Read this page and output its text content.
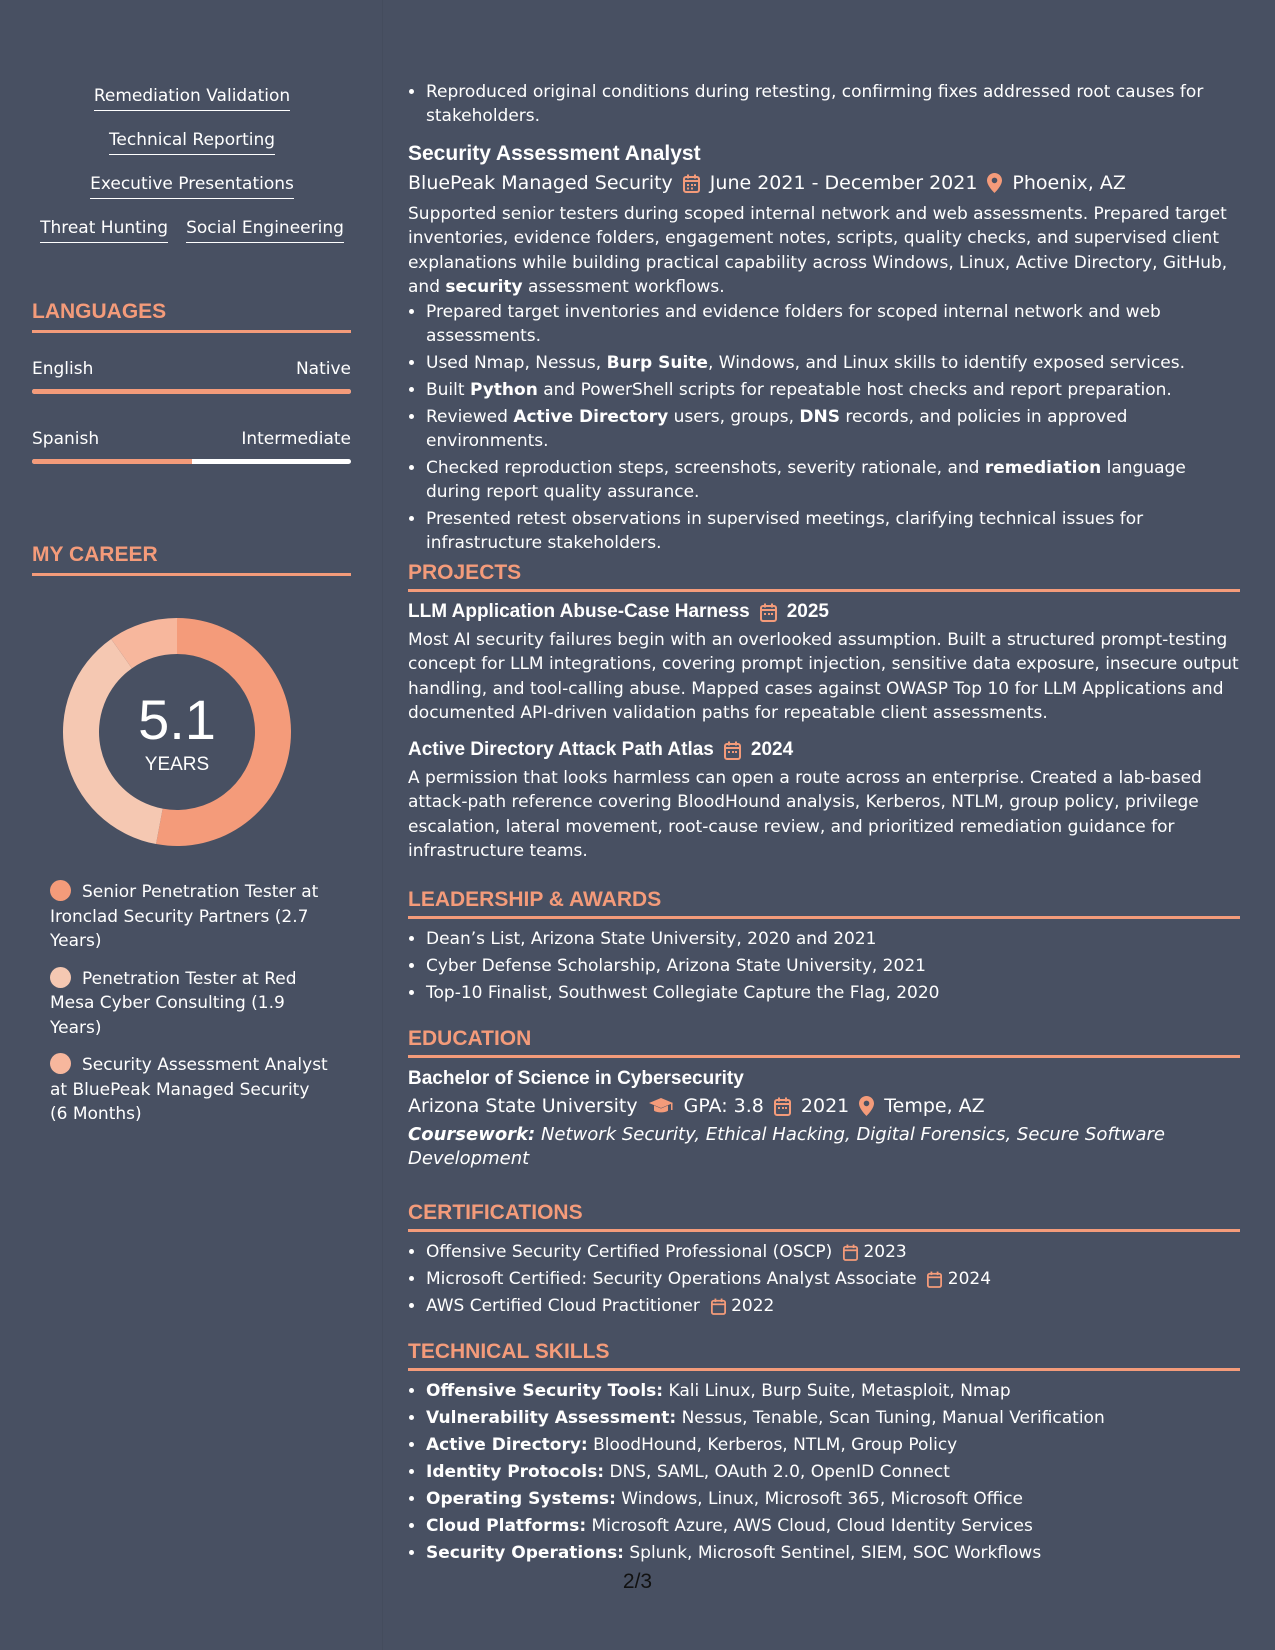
Remediation Validation
Technical Reporting
Executive Presentations
Threat Hunting Social Engineering
LANGUAGES
English	Native
Spanish	Intermediate
MY CAREER
5.1
YEARS
Senior Penetration Tester at Ironclad Security Partners (2.7 Years)
Penetration Tester at Red Mesa Cyber Consulting (1.9 Years)
Security Assessment Analyst at BluePeak Managed Security (6 Months)
• Reproduced original conditions during retesting, confirming fixes addressed root causes for stakeholders.
Security Assessment Analyst
BluePeak Managed Security June 2021 - December 2021 Phoenix, AZ
Supported senior testers during scoped internal network and web assessments. Prepared target inventories, evidence folders, engagement notes, scripts, quality checks, and supervised client explanations while building practical capability across Windows, Linux, Active Directory, GitHub, and security assessment workflows.
• Prepared target inventories and evidence folders for scoped internal network and web assessments.
• Used Nmap, Nessus, Burp Suite, Windows, and Linux skills to identify exposed services.
• Built Python and PowerShell scripts for repeatable host checks and report preparation.
• Reviewed Active Directory users, groups, DNS records, and policies in approved environments.
• Checked reproduction steps, screenshots, severity rationale, and remediation language during report quality assurance.
• Presented retest observations in supervised meetings, clarifying technical issues for infrastructure stakeholders.
PROJECTS
LLM Application Abuse-Case Harness 2025
Most AI security failures begin with an overlooked assumption. Built a structured prompt-testing concept for LLM integrations, covering prompt injection, sensitive data exposure, insecure output handling, and tool-calling abuse. Mapped cases against OWASP Top 10 for LLM Applications and documented API-driven validation paths for repeatable client assessments.
Active Directory Attack Path Atlas 2024
A permission that looks harmless can open a route across an enterprise. Created a lab-based attack-path reference covering BloodHound analysis, Kerberos, NTLM, group policy, privilege escalation, lateral movement, root-cause review, and prioritized remediation guidance for infrastructure teams.
LEADERSHIP & AWARDS
• Dean’s List, Arizona State University, 2020 and 2021
• Cyber Defense Scholarship, Arizona State University, 2021
• Top-10 Finalist, Southwest Collegiate Capture the Flag, 2020
EDUCATION
Bachelor of Science in Cybersecurity
Arizona State University GPA: 3.8 2021 Tempe, AZ
Coursework: Network Security, Ethical Hacking, Digital Forensics, Secure Software Development
CERTIFICATIONS
• Offensive Security Certified Professional (OSCP) 2023
• Microsoft Certified: Security Operations Analyst Associate 2024
• AWS Certified Cloud Practitioner 2022
TECHNICAL SKILLS
• Offensive Security Tools: Kali Linux, Burp Suite, Metasploit, Nmap
• Vulnerability Assessment: Nessus, Tenable, Scan Tuning, Manual Verification
• Active Directory: BloodHound, Kerberos, NTLM, Group Policy
• Identity Protocols: DNS, SAML, OAuth 2.0, OpenID Connect
• Operating Systems: Windows, Linux, Microsoft 365, Microsoft Office
• Cloud Platforms: Microsoft Azure, AWS Cloud, Cloud Identity Services
• Security Operations: Splunk, Microsoft Sentinel, SIEM, SOC Workflows
2/3
